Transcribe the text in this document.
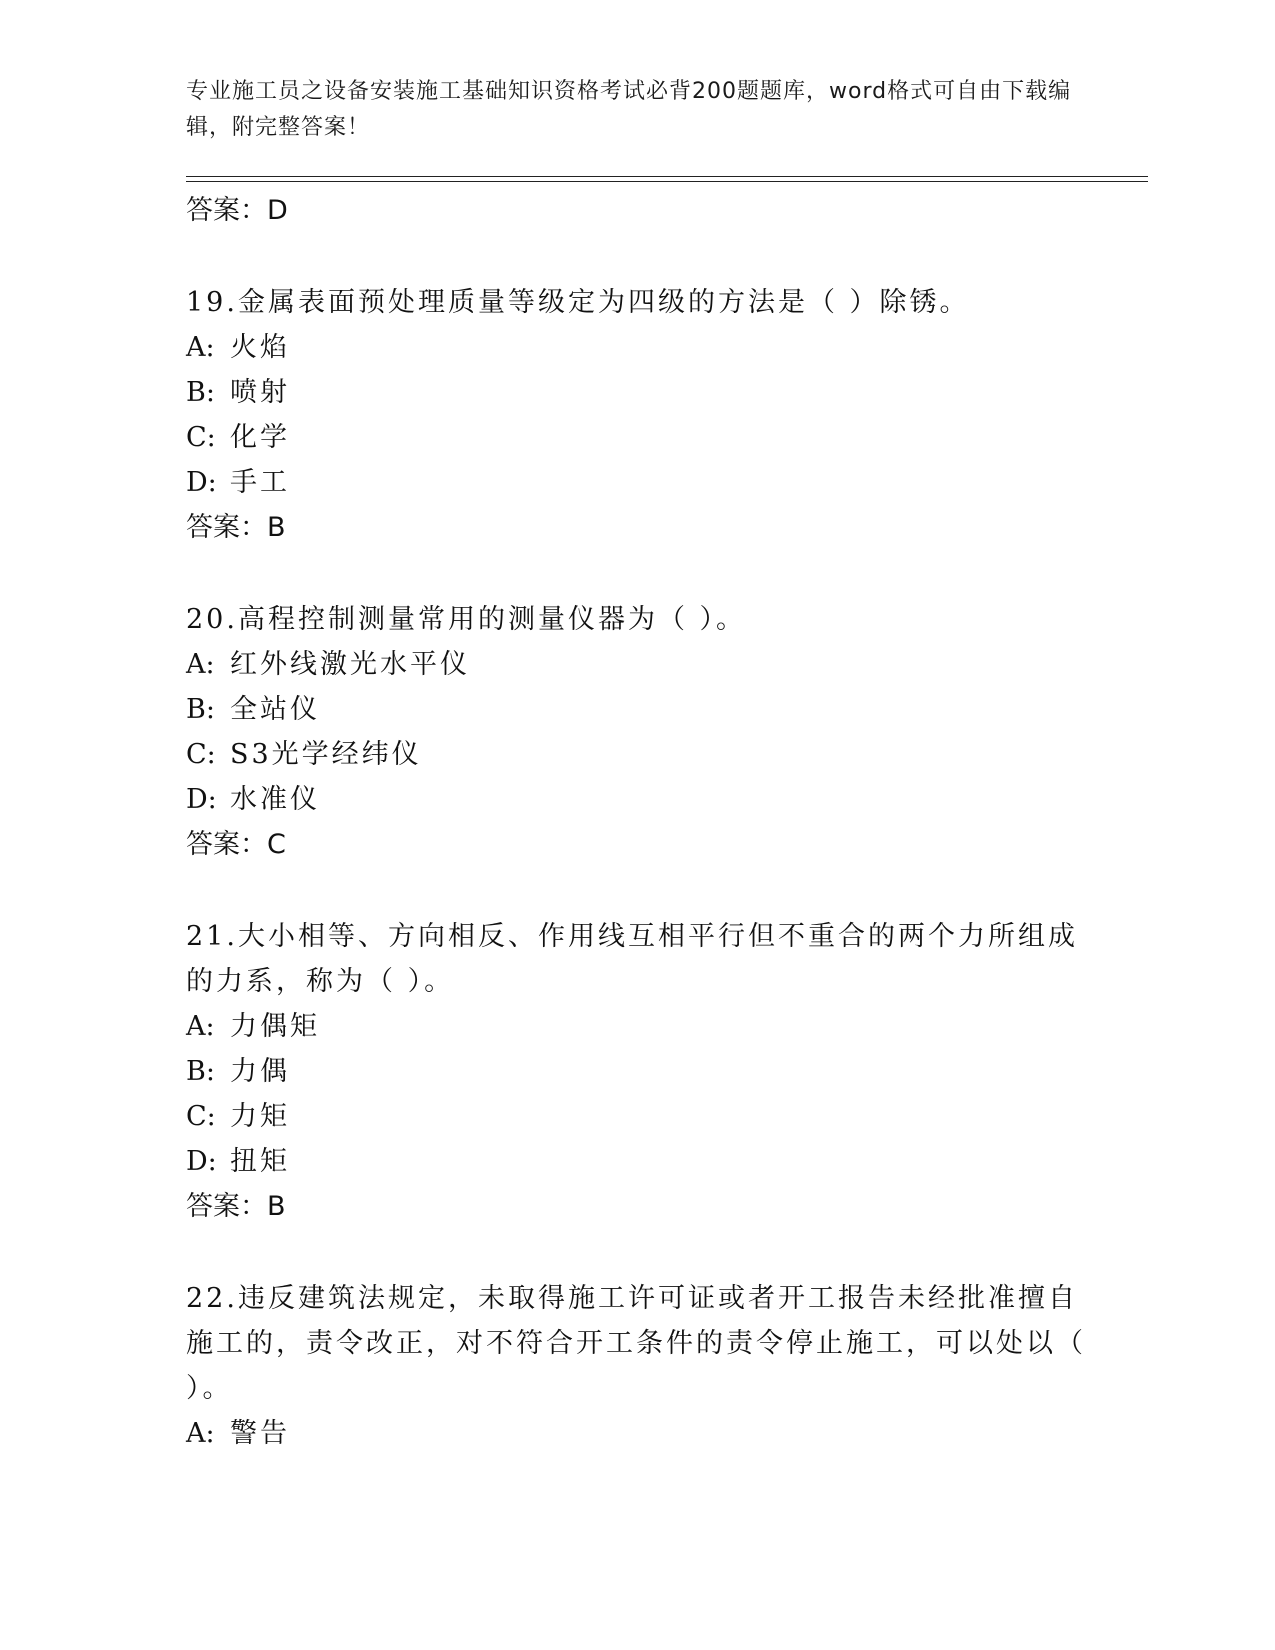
专业施工员之设备安装施工基础知识资格考试必背200题题库，word格式可自由下载编辑，附完整答案！
答案：D
19.金属表面预处理质量等级定为四级的方法是（ ）除锈。
A: 火焰
B: 喷射
C: 化学
D: 手工
答案：B
20.高程控制测量常用的测量仪器为（ ）。
A: 红外线激光水平仪
B: 全站仪
C: S3光学经纬仪
D: 水准仪
答案：C
21.大小相等、方向相反、作用线互相平行但不重合的两个力所组成的力系，称为（ ）。
A: 力偶矩
B: 力偶
C: 力矩
D: 扭矩
答案：B
22.违反建筑法规定，未取得施工许可证或者开工报告未经批准擅自施工的，责令改正，对不符合开工条件的责令停止施工，可以处以（ ）。
A: 警告
